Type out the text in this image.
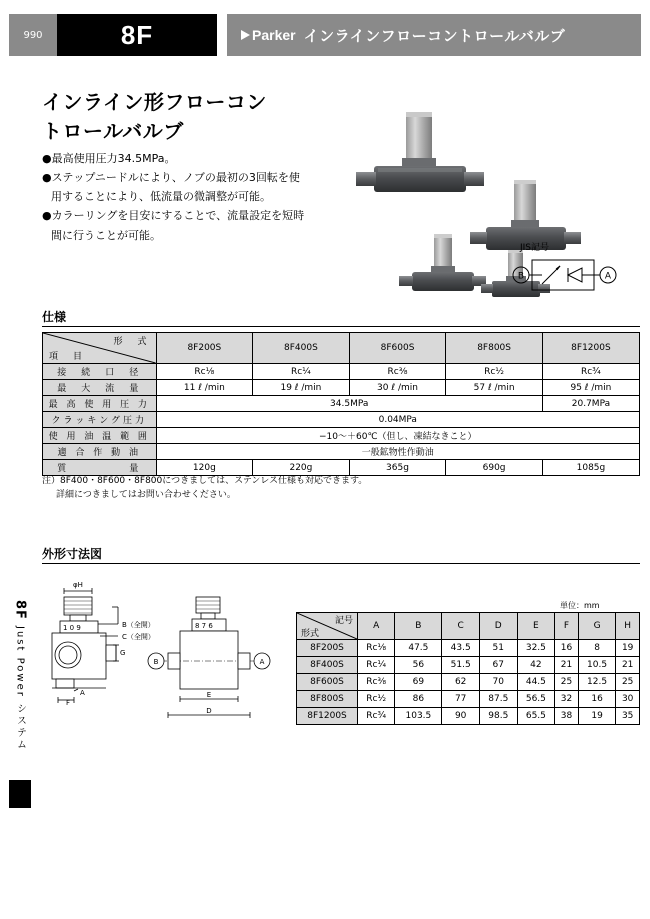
990	8F	Parker インラインフローコントロールバルブ
8F
Just Power システム
インライン形フローコン
トロールバルブ
●最高使用圧力34.5MPa。
●ステップニードルにより、ノブの最初の3回転を使
用することにより、低流量の微調整が可能。
●カラーリングを目安にすることで、流量設定を短時
間に行うことが可能。
JIS記号
B	A
仕様
形　式
項　目	8F200S	8F400S	8F600S	8F800S	8F1200S
接　続　口　径	Rc⅛	Rc¼	Rc⅜	Rc½	Rc¾
最　大　流　量	11 ℓ /min	19 ℓ /min	30 ℓ /min	57 ℓ /min	95 ℓ /min
最 高 使 用 圧 力	34.5MPa				20.7MPa
クラッキング圧力	0.04MPa				
使 用 油 温 範 囲	−10〜＋60℃（但し、凍結なきこと）				
適 合 作 動 油	一般鉱物性作動油				
質　　　　　量	120g	220g	365g	690g	1085g
注）8F400・8F600・8F800につきましては、ステンレス仕様も対応できます。
詳細につきましてはお問い合わせください。
外形寸法図
φH
1 0 9	B（全開）
C（全開）
G
A
F
8 7 6
B	A
E
D
単位：mm
記号
形式	A	B	C	D	E	F	G	H
8F200S	Rc⅛	47.5	43.5	51	32.5	16	8	19
8F400S	Rc¼	56	51.5	67	42	21	10.5	21
8F600S	Rc⅜	69	62	70	44.5	25	12.5	25
8F800S	Rc½	86	77	87.5	56.5	32	16	30
8F1200S	Rc¾	103.5	90	98.5	65.5	38	19	35
